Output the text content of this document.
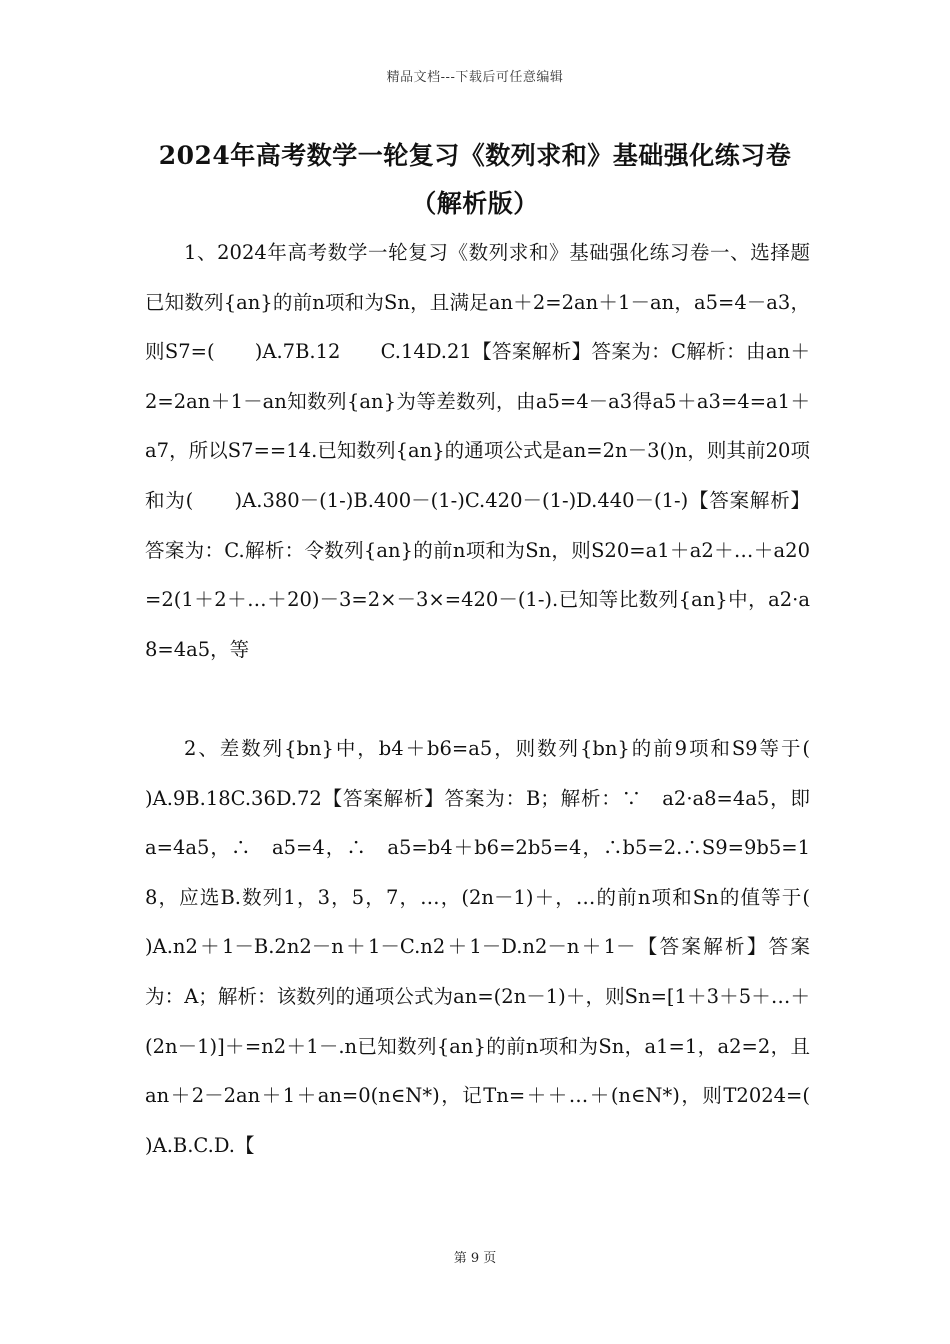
精品文档---下载后可任意编辑
2024年高考数学一轮复习《数列求和》基础强化练习卷
（解析版）

1、2024年高考数学一轮复习《数列求和》基础强化练习卷一、选择题已知数列{an}的前n项和为Sn，且满足an＋2=2an＋1－an，a5=4－a3，则S7=(　　)A.7B.12　　C.14D.21【答案解析】答案为：C解析：由an＋2=2an＋1－an知数列{an}为等差数列，由a5=4－a3得a5＋a3=4=a1＋a7，所以S7==14.已知数列{an}的通项公式是an=2n－3()n，则其前20项和为(　　)A.380－(1-)B.400－(1-)C.420－(1-)D.440－(1-)【答案解析】答案为：C.解析：令数列{an}的前n项和为Sn，则S20=a1＋a2＋…＋a20=2(1＋2＋…＋20)－3=2×－3×=420－(1-).已知等比数列{an}中，a2·a8=4a5，等

2、差数列{bn}中，b4＋b6=a5，则数列{bn}的前9项和S9等于(　　)A.9B.18C.36D.72【答案解析】答案为：B；解析：∵　a2·a8=4a5，即　a=4a5，∴　a5=4，∴　a5=b4＋b6=2b5=4，∴b5=2.∴S9=9b5=18，应选B.数列1，3，5，7，…，(2n－1)＋，…的前n项和Sn的值等于(　　)A.n2＋1－B.2n2－n＋1－C.n2＋1－D.n2－n＋1－【答案解析】答案为：A；解析：该数列的通项公式为an=(2n－1)＋，则Sn=[1＋3＋5＋…＋(2n－1)]＋=n2＋1－.n已知数列{an}的前n项和为Sn，a1=1，a2=2，且an＋2－2an＋1＋an=0(n∈N*)，记Tn=＋＋…＋(n∈N*)，则T2024=(　　)A.B.C.D.【

第 9 页
